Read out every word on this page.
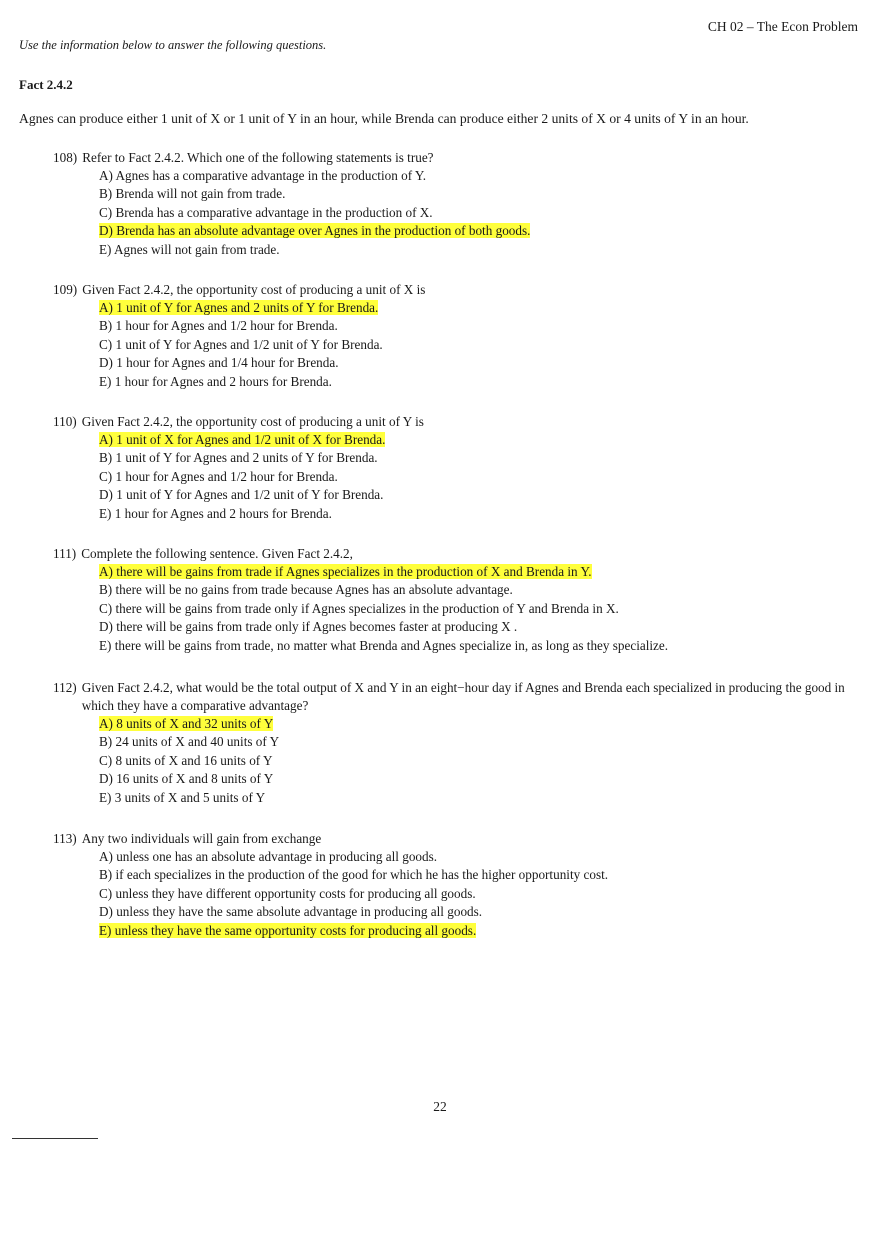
CH 02 – The Econ Problem
Use the information below to answer the following questions.
Fact 2.4.2
Agnes can produce either 1 unit of X or 1 unit of Y in an hour, while Brenda can produce either 2 units of X or 4 units of Y in an hour.
108) Refer to Fact 2.4.2. Which one of the following statements is true?
A) Agnes has a comparative advantage in the production of Y.
B) Brenda will not gain from trade.
C) Brenda has a comparative advantage in the production of X.
D) Brenda has an absolute advantage over Agnes in the production of both goods.
E) Agnes will not gain from trade.
109) Given Fact 2.4.2, the opportunity cost of producing a unit of X is
A) 1 unit of Y for Agnes and 2 units of Y for Brenda.
B) 1 hour for Agnes and 1/2 hour for Brenda.
C) 1 unit of Y for Agnes and 1/2 unit of Y for Brenda.
D) 1 hour for Agnes and 1/4 hour for Brenda.
E) 1 hour for Agnes and 2 hours for Brenda.
110) Given Fact 2.4.2, the opportunity cost of producing a unit of Y is
A) 1 unit of X for Agnes and 1/2 unit of X for Brenda.
B) 1 unit of Y for Agnes and 2 units of Y for Brenda.
C) 1 hour for Agnes and 1/2 hour for Brenda.
D) 1 unit of Y for Agnes and 1/2 unit of Y for Brenda.
E) 1 hour for Agnes and 2 hours for Brenda.
111) Complete the following sentence. Given Fact 2.4.2,
A) there will be gains from trade if Agnes specializes in the production of X and Brenda in Y.
B) there will be no gains from trade because Agnes has an absolute advantage.
C) there will be gains from trade only if Agnes specializes in the production of Y and Brenda in X.
D) there will be gains from trade only if Agnes becomes faster at producing X .
E) there will be gains from trade, no matter what Brenda and Agnes specialize in, as long as they specialize.
112) Given Fact 2.4.2, what would be the total output of X and Y in an eight−hour day if Agnes and Brenda each specialized in producing the good in which they have a comparative advantage?
A) 8 units of X and 32 units of Y
B) 24 units of X and 40 units of Y
C) 8 units of X and 16 units of Y
D) 16 units of X and 8 units of Y
E) 3 units of X and 5 units of Y
113) Any two individuals will gain from exchange
A) unless one has an absolute advantage in producing all goods.
B) if each specializes in the production of the good for which he has the higher opportunity cost.
C) unless they have different opportunity costs for producing all goods.
D) unless they have the same absolute advantage in producing all goods.
E) unless they have the same opportunity costs for producing all goods.
22
